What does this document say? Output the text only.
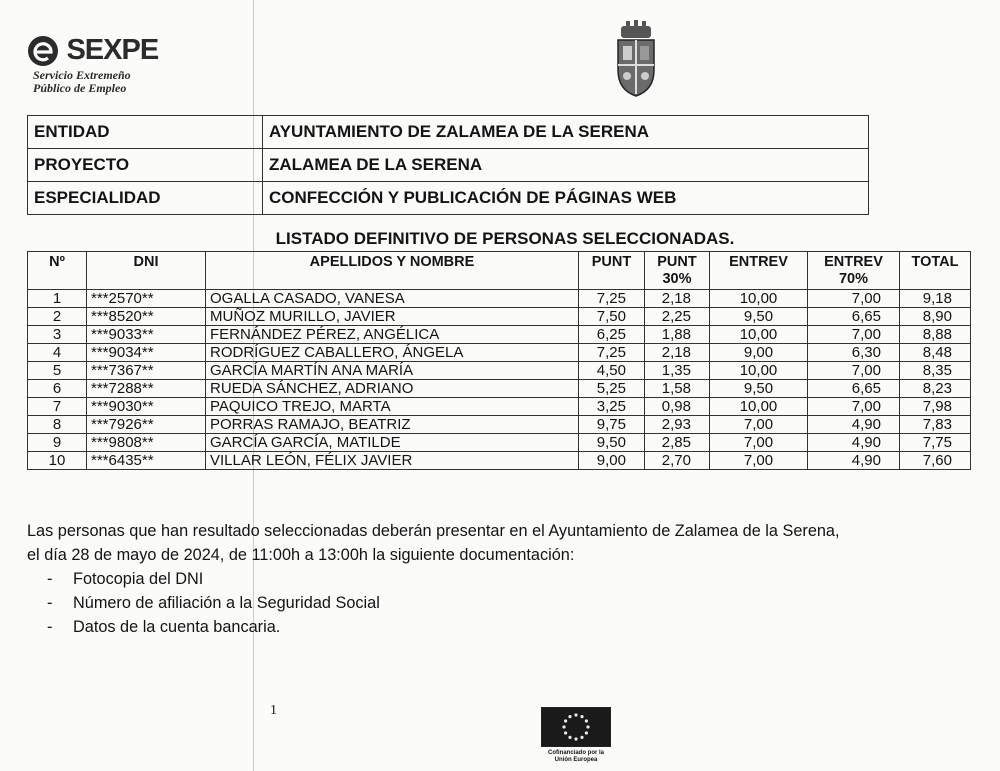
SEXPE
Servicio Extremeño
Público de Empleo
ENTIDAD	AYUNTAMIENTO DE ZALAMEA DE LA SERENA
PROYECTO	ZALAMEA DE LA SERENA
ESPECIALIDAD	CONFECCIÓN Y PUBLICACIÓN DE PÁGINAS WEB
LISTADO DEFINITIVO DE PERSONAS SELECCIONADAS.
Nº	DNI	APELLIDOS Y NOMBRE	PUNT	PUNT 30%	ENTREV	ENTREV 70%	TOTAL
1	***2570**	OGALLA CASADO, VANESA	7,25	2,18	10,00	7,00	9,18
2	***8520**	MUÑOZ MURILLO, JAVIER	7,50	2,25	9,50	6,65	8,90
3	***9033**	FERNÁNDEZ PÉREZ, ANGÉLICA	6,25	1,88	10,00	7,00	8,88
4	***9034**	RODRÍGUEZ CABALLERO, ÁNGELA	7,25	2,18	9,00	6,30	8,48
5	***7367**	GARCÍA MARTÍN ANA MARÍA	4,50	1,35	10,00	7,00	8,35
6	***7288**	RUEDA SÁNCHEZ, ADRIANO	5,25	1,58	9,50	6,65	8,23
7	***9030**	PAQUICO TREJO, MARTA	3,25	0,98	10,00	7,00	7,98
8	***7926**	PORRAS RAMAJO, BEATRIZ	9,75	2,93	7,00	4,90	7,83
9	***9808**	GARCÍA GARCÍA, MATILDE	9,50	2,85	7,00	4,90	7,75
10	***6435**	VILLAR LEÓN, FÉLIX JAVIER	9,00	2,70	7,00	4,90	7,60
Las personas que han resultado seleccionadas deberán presentar en el Ayuntamiento de Zalamea de la Serena,
el día 28 de mayo de 2024, de 11:00h a 13:00h la siguiente documentación:
- Fotocopia del DNI
- Número de afiliación a la Seguridad Social
- Datos de la cuenta bancaria.
1
Cofinanciado por la Unión Europea
